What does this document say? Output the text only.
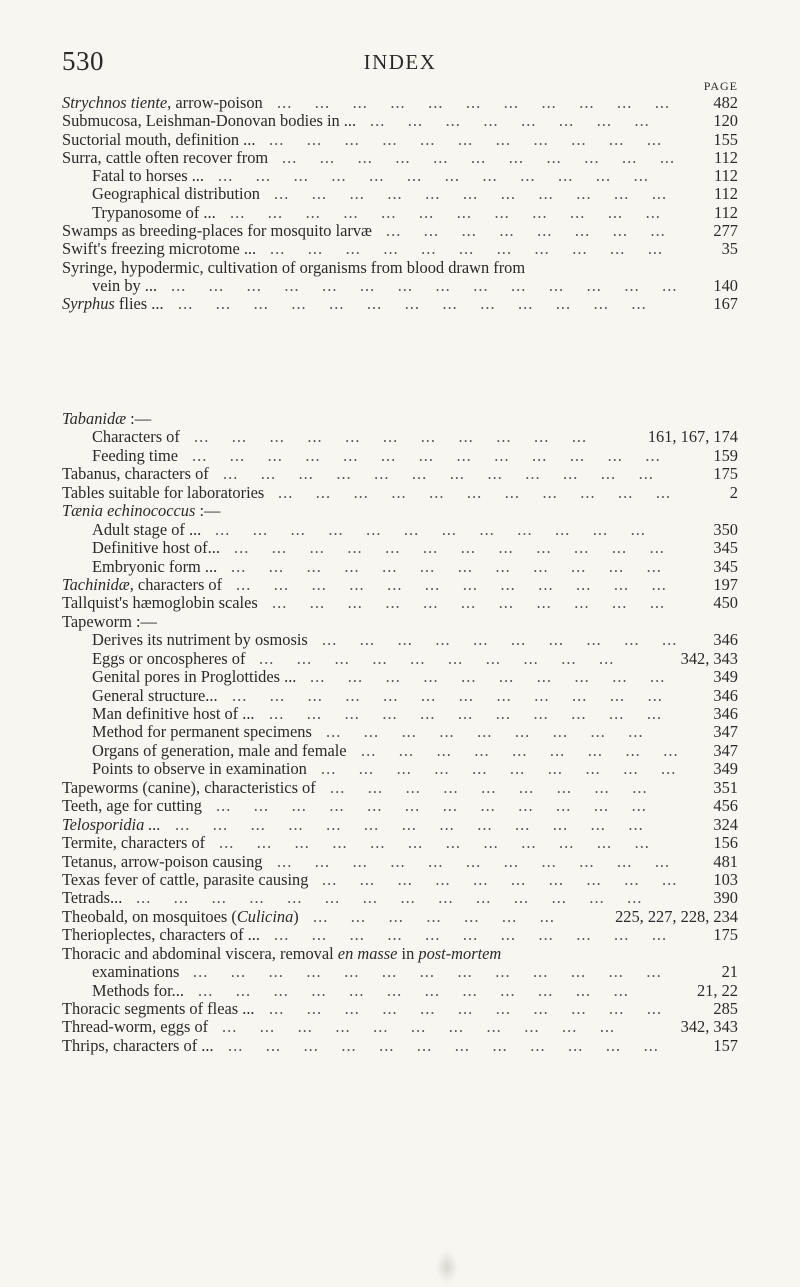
530	INDEX
PAGE
Strychnos tiente, arrow-poison	482
...  ...  ...  ...  ...  ...  ...  ...  ...  ...  ... 
Submucosa, Leishman-Donovan bodies in ...	120
...  ...  ...  ...  ...  ...  ...  ... 
Suctorial mouth, definition ...	155
...  ...  ...  ...  ...  ...  ...  ...  ...  ...  ... 
Surra, cattle often recover from	112
...  ...  ...  ...  ...  ...  ...  ...  ...  ...  ... 
Fatal to horses ...	112
...  ...  ...  ...  ...  ...  ...  ...  ...  ...  ...  ... 
Geographical distribution	112
...  ...  ...  ...  ...  ...  ...  ...  ...  ...  ... 
Trypanosome of ...	112
...  ...  ...  ...  ...  ...  ...  ...  ...  ...  ...  ... 
Swamps as breeding-places for mosquito larvæ	277
...  ...  ...  ...  ...  ...  ...  ... 
Swift's freezing microtome ...	35
...  ...  ...  ...  ...  ...  ...  ...  ...  ...  ... 
Syringe, hypodermic, cultivation of organisms from blood drawn from
vein by ...	140
...  ...  ...  ...  ...  ...  ...  ...  ...  ...  ...  ...  ...  ... 
Syrphus flies ...	167
...  ...  ...  ...  ...  ...  ...  ...  ...  ...  ...  ...  ... 
Tabanidæ :—
Characters of	161, 167, 174
...  ...  ...  ...  ...  ...  ...  ...  ...  ...  ... 
Feeding time	159
...  ...  ...  ...  ...  ...  ...  ...  ...  ...  ...  ...  ... 
Tabanus, characters of	175
...  ...  ...  ...  ...  ...  ...  ...  ...  ...  ...  ... 
Tables suitable for laboratories	2
...  ...  ...  ...  ...  ...  ...  ...  ...  ...  ... 
Tænia echinococcus :—
Adult stage of ...	350
...  ...  ...  ...  ...  ...  ...  ...  ...  ...  ...  ... 
Definitive host of...	345
...  ...  ...  ...  ...  ...  ...  ...  ...  ...  ...  ... 
Embryonic form ...	345
...  ...  ...  ...  ...  ...  ...  ...  ...  ...  ...  ... 
Tachinidæ, characters of	197
...  ...  ...  ...  ...  ...  ...  ...  ...  ...  ...  ... 
Tallquist's hæmoglobin scales	450
...  ...  ...  ...  ...  ...  ...  ...  ...  ...  ... 
Tapeworm :—
Derives its nutriment by osmosis	346
...  ...  ...  ...  ...  ...  ...  ...  ...  ... 
Eggs or oncospheres of	342, 343
...  ...  ...  ...  ...  ...  ...  ...  ...  ... 
Genital pores in Proglottides ...	349
...  ...  ...  ...  ...  ...  ...  ...  ...  ... 
General structure...	346
...  ...  ...  ...  ...  ...  ...  ...  ...  ...  ...  ... 
Man definitive host of ...	346
...  ...  ...  ...  ...  ...  ...  ...  ...  ...  ... 
Method for permanent specimens	347
...  ...  ...  ...  ...  ...  ...  ...  ... 
Organs of generation, male and female	347
...  ...  ...  ...  ...  ...  ...  ...  ... 
Points to observe in examination	349
...  ...  ...  ...  ...  ...  ...  ...  ...  ... 
Tapeworms (canine), characteristics of	351
...  ...  ...  ...  ...  ...  ...  ...  ... 
Teeth, age for cutting	456
...  ...  ...  ...  ...  ...  ...  ...  ...  ...  ...  ... 
Telosporidia ...	324
...  ...  ...  ...  ...  ...  ...  ...  ...  ...  ...  ...  ... 
Termite, characters of	156
...  ...  ...  ...  ...  ...  ...  ...  ...  ...  ...  ... 
Tetanus, arrow-poison causing	481
...  ...  ...  ...  ...  ...  ...  ...  ...  ...  ... 
Texas fever of cattle, parasite causing	103
...  ...  ...  ...  ...  ...  ...  ...  ...  ... 
Tetrads...	390
...  ...  ...  ...  ...  ...  ...  ...  ...  ...  ...  ...  ...  ... 
Theobald, on mosquitoes (Culicina)	225, 227, 228, 234
...  ...  ...  ...  ...  ...  ... 
Therioplectes, characters of ...	175
...  ...  ...  ...  ...  ...  ...  ...  ...  ...  ... 
Thoracic and abdominal viscera, removal en masse in post-mortem
examinations	21
...  ...  ...  ...  ...  ...  ...  ...  ...  ...  ...  ...  ... 
Methods for...	21, 22
...  ...  ...  ...  ...  ...  ...  ...  ...  ...  ...  ... 
Thoracic segments of fleas ...	285
...  ...  ...  ...  ...  ...  ...  ...  ...  ...  ... 
Thread-worm, eggs of	342, 343
...  ...  ...  ...  ...  ...  ...  ...  ...  ...  ... 
Thrips, characters of ...	157
...  ...  ...  ...  ...  ...  ...  ...  ...  ...  ...  ... 
